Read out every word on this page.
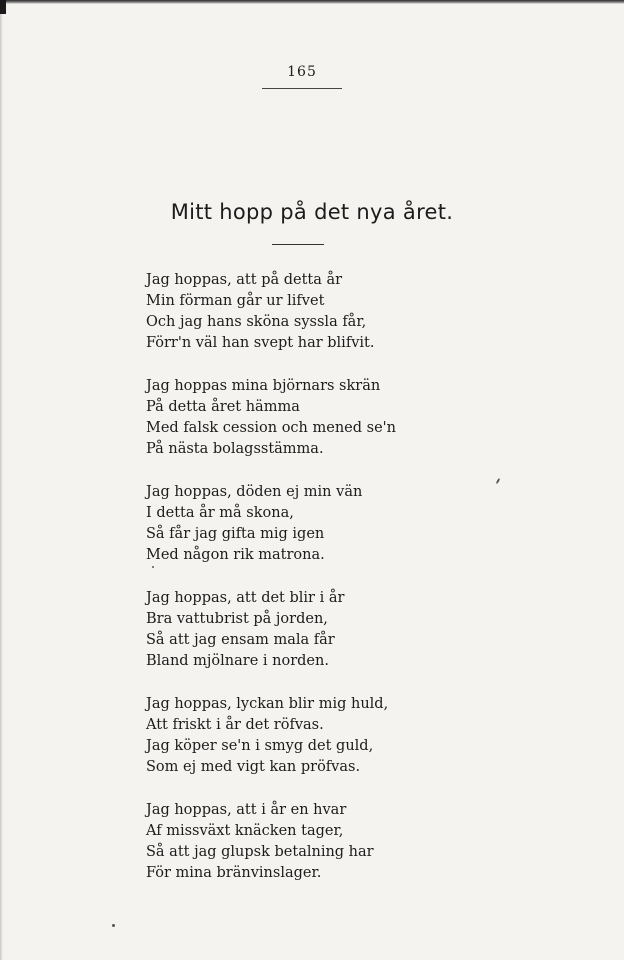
165
Mitt hopp på det nya året.
Jag hoppas, att på detta år
Min förman går ur lifvet
Och jag hans sköna syssla får,
Förr'n väl han svept har blifvit.
Jag hoppas mina björnars skrän
På detta året hämma
Med falsk cession och mened se'n
På nästa bolagsstämma.
Jag hoppas, döden ej min vän
I detta år må skona,
Så får jag gifta mig igen
Med någon rik matrona.
Jag hoppas, att det blir i år
Bra vattubrist på jorden,
Så att jag ensam mala får
Bland mjölnare i norden.
Jag hoppas, lyckan blir mig huld,
Att friskt i år det röfvas.
Jag köper se'n i smyg det guld,
Som ej med vigt kan pröfvas.
Jag hoppas, att i år en hvar
Af missväxt knäcken tager,
Så att jag glupsk betalning har
För mina bränvinslager.
